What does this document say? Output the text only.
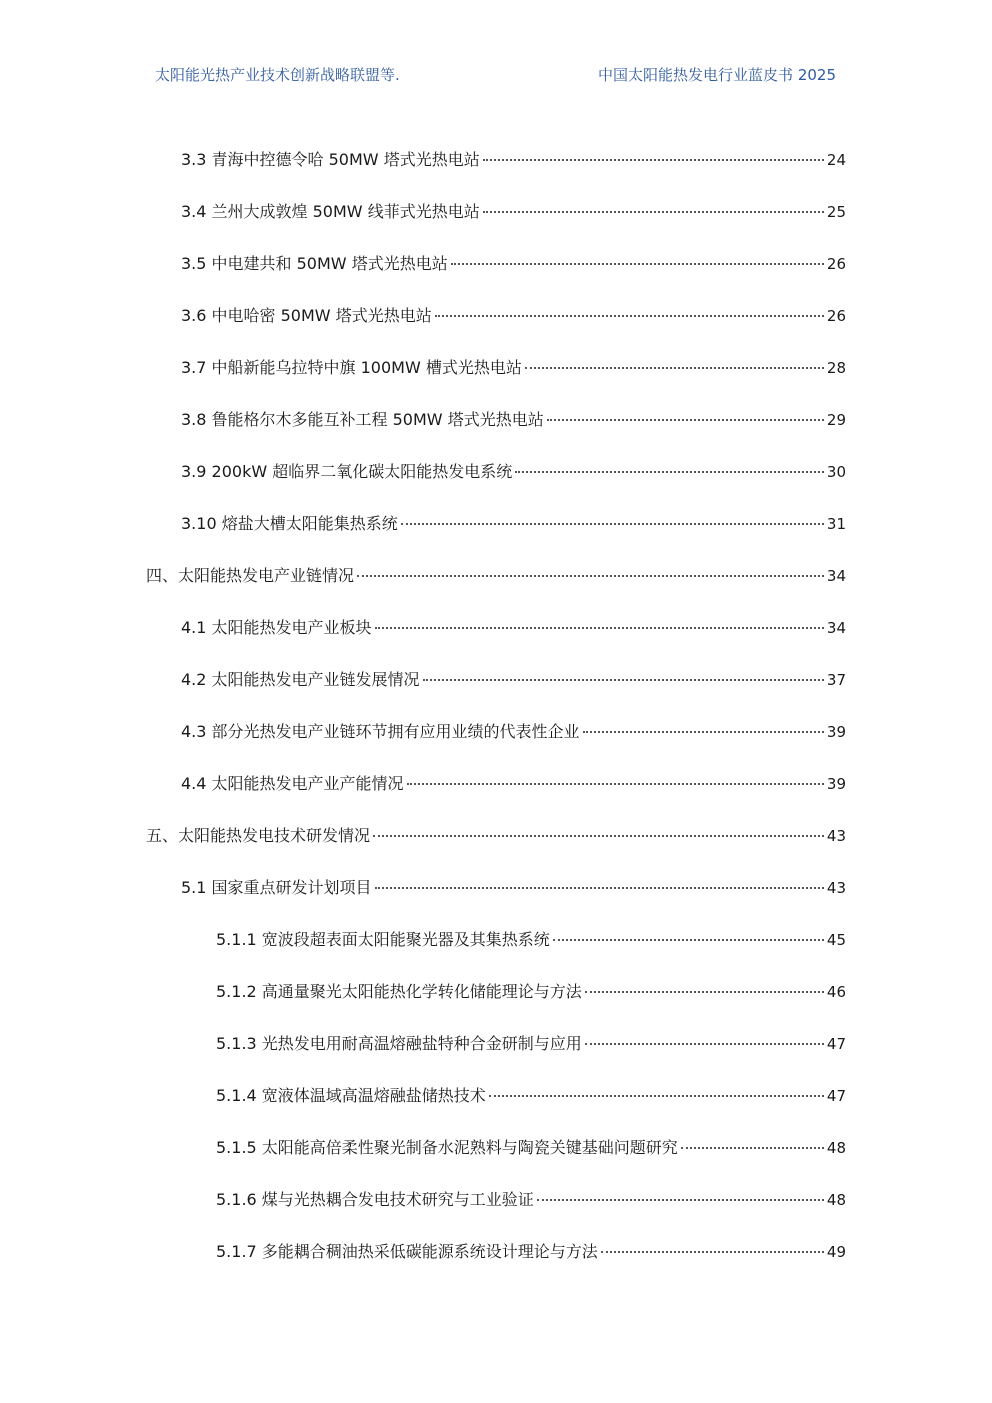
太阳能光热产业技术创新战略联盟等.	中国太阳能热发电行业蓝皮书 2025
3.3 青海中控德令哈 50MW 塔式光热电站	24
3.4 兰州大成敦煌 50MW 线菲式光热电站	25
3.5 中电建共和 50MW 塔式光热电站	26
3.6 中电哈密 50MW 塔式光热电站	26
3.7 中船新能乌拉特中旗 100MW 槽式光热电站	28
3.8 鲁能格尔木多能互补工程 50MW 塔式光热电站	29
3.9 200kW 超临界二氧化碳太阳能热发电系统	30
3.10 熔盐大槽太阳能集热系统	31
四、太阳能热发电产业链情况	34
4.1 太阳能热发电产业板块	34
4.2 太阳能热发电产业链发展情况	37
4.3 部分光热发电产业链环节拥有应用业绩的代表性企业	39
4.4 太阳能热发电产业产能情况	39
五、太阳能热发电技术研发情况	43
5.1 国家重点研发计划项目	43
5.1.1 宽波段超表面太阳能聚光器及其集热系统	45
5.1.2 高通量聚光太阳能热化学转化储能理论与方法	46
5.1.3 光热发电用耐高温熔融盐特种合金研制与应用	47
5.1.4 宽液体温域高温熔融盐储热技术	47
5.1.5 太阳能高倍柔性聚光制备水泥熟料与陶瓷关键基础问题研究	48
5.1.6 煤与光热耦合发电技术研究与工业验证	48
5.1.7 多能耦合稠油热采低碳能源系统设计理论与方法	49
